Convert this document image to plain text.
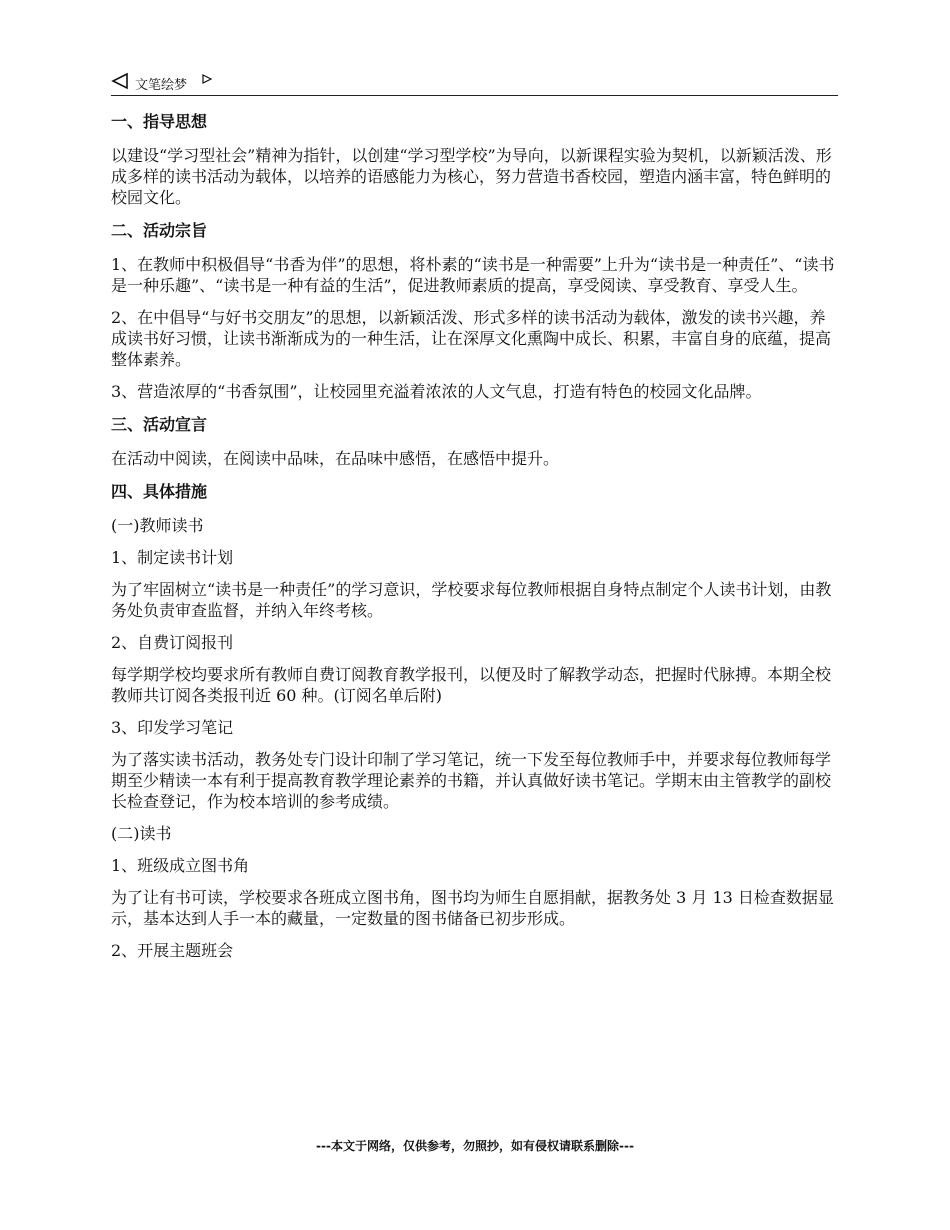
文笔绘梦
一、指导思想
以建设“学习型社会”精神为指针，以创建“学习型学校”为导向，以新课程实验为契机，以新颖活泼、形成多样的读书活动为载体，以培养的语感能力为核心，努力营造书香校园，塑造内涵丰富，特色鲜明的校园文化。
二、活动宗旨
1、在教师中积极倡导“书香为伴”的思想，将朴素的“读书是一种需要”上升为“读书是一种责任”、“读书是一种乐趣”、“读书是一种有益的生活”，促进教师素质的提高，享受阅读、享受教育、享受人生。
2、在中倡导“与好书交朋友”的思想，以新颖活泼、形式多样的读书活动为载体，激发的读书兴趣，养成读书好习惯，让读书渐渐成为的一种生活，让在深厚文化熏陶中成长、积累，丰富自身的底蕴，提高整体素养。
3、营造浓厚的“书香氛围”，让校园里充溢着浓浓的人文气息，打造有特色的校园文化品牌。
三、活动宣言
在活动中阅读，在阅读中品味，在品味中感悟，在感悟中提升。
四、具体措施
(一)教师读书
1、制定读书计划
为了牢固树立“读书是一种责任”的学习意识，学校要求每位教师根据自身特点制定个人读书计划，由教务处负责审查监督，并纳入年终考核。
2、自费订阅报刊
每学期学校均要求所有教师自费订阅教育教学报刊，以便及时了解教学动态，把握时代脉搏。本期全校教师共订阅各类报刊近 60 种。(订阅名单后附)
3、印发学习笔记
为了落实读书活动，教务处专门设计印制了学习笔记，统一下发至每位教师手中，并要求每位教师每学期至少精读一本有利于提高教育教学理论素养的书籍，并认真做好读书笔记。学期末由主管教学的副校长检查登记，作为校本培训的参考成绩。
(二)读书
1、班级成立图书角
为了让有书可读，学校要求各班成立图书角，图书均为师生自愿捐献，据教务处 3 月 13 日检查数据显示，基本达到人手一本的藏量，一定数量的图书储备已初步形成。
2、开展主题班会
---本文于网络，仅供参考，勿照抄，如有侵权请联系删除---
